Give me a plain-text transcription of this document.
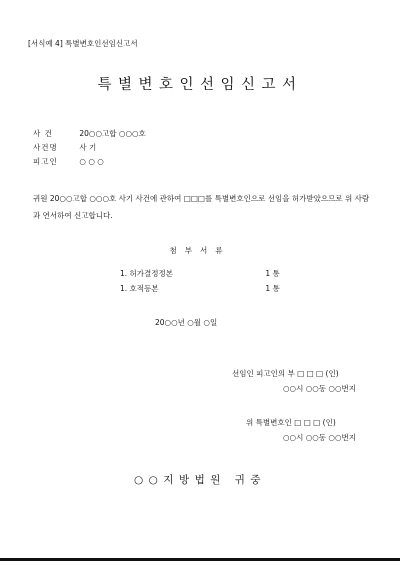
[서식예 4] 특별변호인선임신고서
특별변호인선임신고서
사 건	20○○고합 ○○○호
사건명	사 기
피고인	○ ○ ○
귀원 20○○고합 ○○○호 사기 사건에 관하여 □□□를 특별변호인으로 선임을 허가받았으므로 위 사람과 연서하여 신고합니다.
첨부서류
1. 허가결정정본	1 통
1. 호적등본	1 통
20○○년 ○월 ○일
선임인 피고인의 부 □ □ □ (인)
○○시 ○○동 ○○번지
위 특별변호인 □ □ □ (인)
○○시 ○○동 ○○번지
○○지방법원 귀중
